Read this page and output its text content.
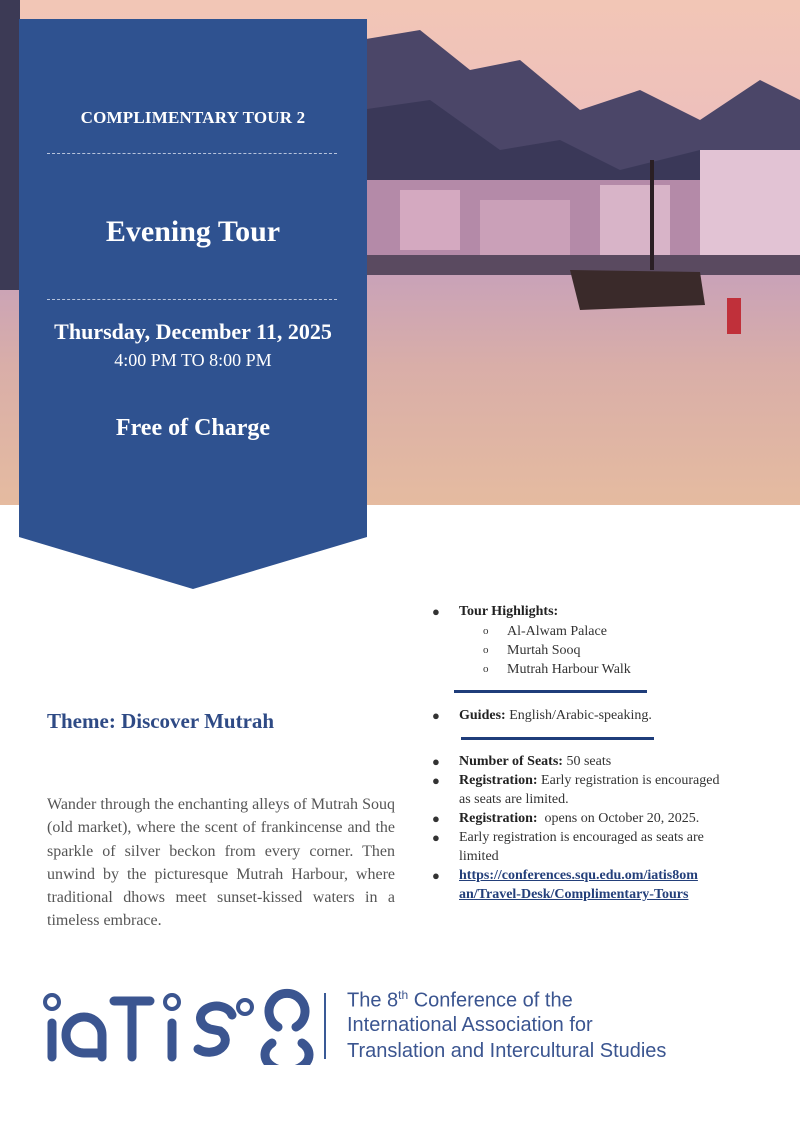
COMPLIMENTARY TOUR 2
Evening Tour
Thursday, December 11, 2025
4:00 PM TO 8:00 PM
Free of Charge
Theme: Discover Mutrah

Wander through the enchanting alleys of Mutrah Souq (old market), where the scent of frankincense and the sparkle of silver beckon from every corner. Then unwind by the picturesque Mutrah Harbour, where traditional dhows meet sunset-kissed waters in a timeless embrace.

● Tour Highlights:
o Al-Alwam Palace
o Murtah Sooq
o Mutrah Harbour Walk
● Guides: English/Arabic-speaking.
● Number of Seats: 50 seats
● Registration: Early registration is encouraged
as seats are limited.
● Registration: opens on October 20, 2025.
● Early registration is encouraged as seats are
limited
● https://conferences.squ.edu.om/iatis8om
an/Travel-Desk/Complimentary-Tours
The 8th Conference of the
International Association for
Translation and Intercultural Studies
